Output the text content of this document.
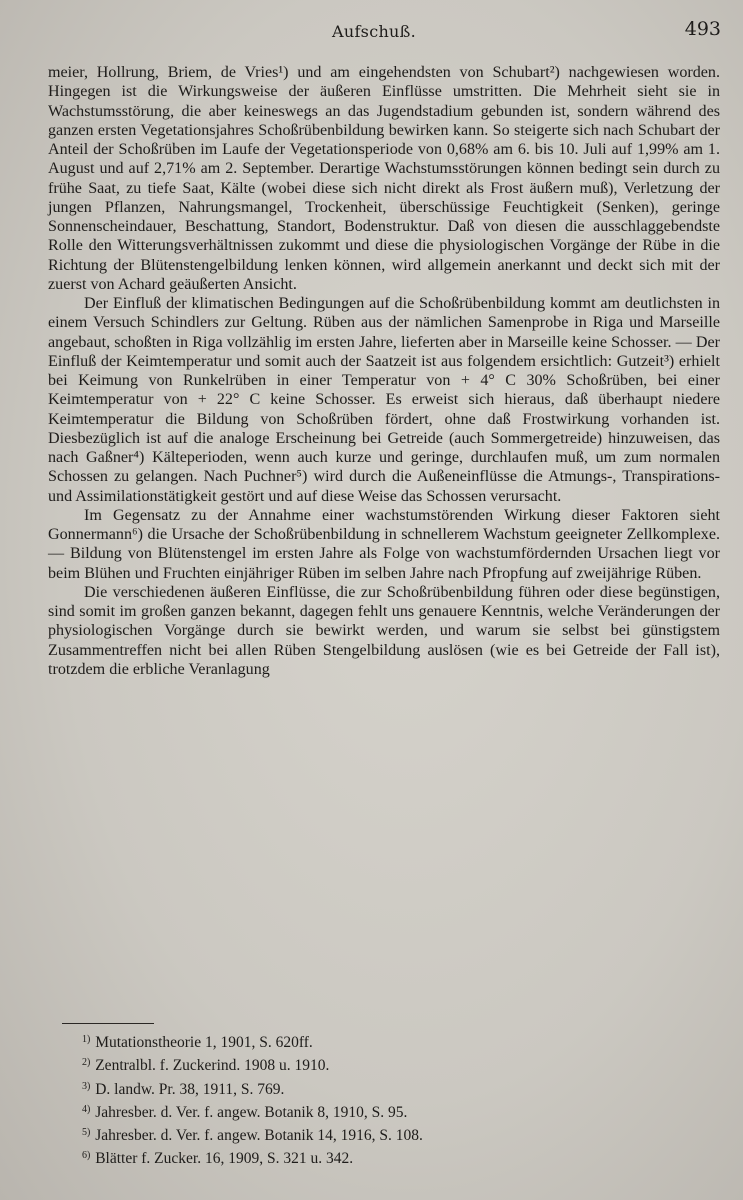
Aufschuß.	493

meier, Hollrung, Briem, de Vries¹) und am eingehendsten von Schubart²) nachgewiesen worden. Hingegen ist die Wirkungsweise der äußeren Einflüsse umstritten. Die Mehrheit sieht sie in Wachstumsstörung, die aber keineswegs an das Jugendstadium gebunden ist, sondern während des ganzen ersten Vegetationsjahres Schoßrübenbildung bewirken kann. So steigerte sich nach Schubart der Anteil der Schoßrüben im Laufe der Vegetationsperiode von 0,68% am 6. bis 10. Juli auf 1,99% am 1. August und auf 2,71% am 2. September. Derartige Wachstumsstörungen können bedingt sein durch zu frühe Saat, zu tiefe Saat, Kälte (wobei diese sich nicht direkt als Frost äußern muß), Verletzung der jungen Pflanzen, Nahrungsmangel, Trockenheit, überschüssige Feuchtigkeit (Senken), geringe Sonnenscheindauer, Beschattung, Standort, Bodenstruktur. Daß von diesen die ausschlaggebendste Rolle den Witterungsverhältnissen zukommt und diese die physiologischen Vorgänge der Rübe in die Richtung der Blütenstengelbildung lenken können, wird allgemein anerkannt und deckt sich mit der zuerst von Achard geäußerten Ansicht.

Der Einfluß der klimatischen Bedingungen auf die Schoßrübenbildung kommt am deutlichsten in einem Versuch Schindlers zur Geltung. Rüben aus der nämlichen Samenprobe in Riga und Marseille angebaut, schoßten in Riga vollzählig im ersten Jahre, lieferten aber in Marseille keine Schosser. — Der Einfluß der Keimtemperatur und somit auch der Saatzeit ist aus folgendem ersichtlich: Gutzeit³) erhielt bei Keimung von Runkelrüben in einer Temperatur von + 4° C 30% Schoßrüben, bei einer Keimtemperatur von + 22° C keine Schosser. Es erweist sich hieraus, daß überhaupt niedere Keimtemperatur die Bildung von Schoßrüben fördert, ohne daß Frostwirkung vorhanden ist. Diesbezüglich ist auf die analoge Erscheinung bei Getreide (auch Sommergetreide) hinzuweisen, das nach Gaßner⁴) Kälteperioden, wenn auch kurze und geringe, durchlaufen muß, um zum normalen Schossen zu gelangen. Nach Puchner⁵) wird durch die Außeneinflüsse die Atmungs-, Transpirations- und Assimilationstätigkeit gestört und auf diese Weise das Schossen verursacht.

Im Gegensatz zu der Annahme einer wachstumstörenden Wirkung dieser Faktoren sieht Gonnermann⁶) die Ursache der Schoßrübenbildung in schnellerem Wachstum geeigneter Zellkomplexe. — Bildung von Blütenstengel im ersten Jahre als Folge von wachstumfördernden Ursachen liegt vor beim Blühen und Fruchten einjähriger Rüben im selben Jahre nach Pfropfung auf zweijährige Rüben.

Die verschiedenen äußeren Einflüsse, die zur Schoßrübenbildung führen oder diese begünstigen, sind somit im großen ganzen bekannt, dagegen fehlt uns genauere Kenntnis, welche Veränderungen der physiologischen Vorgänge durch sie bewirkt werden, und warum sie selbst bei günstigstem Zusammentreffen nicht bei allen Rüben Stengelbildung auslösen (wie es bei Getreide der Fall ist), trotzdem die erbliche Veranlagung

$^{1)}$ Mutationstheorie 1, 1901, S. 620ff.
$^{2)}$ Zentralbl. f. Zuckerind. 1908 u. 1910.
$^{3)}$ D. landw. Pr. 38, 1911, S. 769.
$^{4)}$ Jahresber. d. Ver. f. angew. Botanik 8, 1910, S. 95.
$^{5)}$ Jahresber. d. Ver. f. angew. Botanik 14, 1916, S. 108.
$^{6)}$ Blätter f. Zucker. 16, 1909, S. 321 u. 342.
